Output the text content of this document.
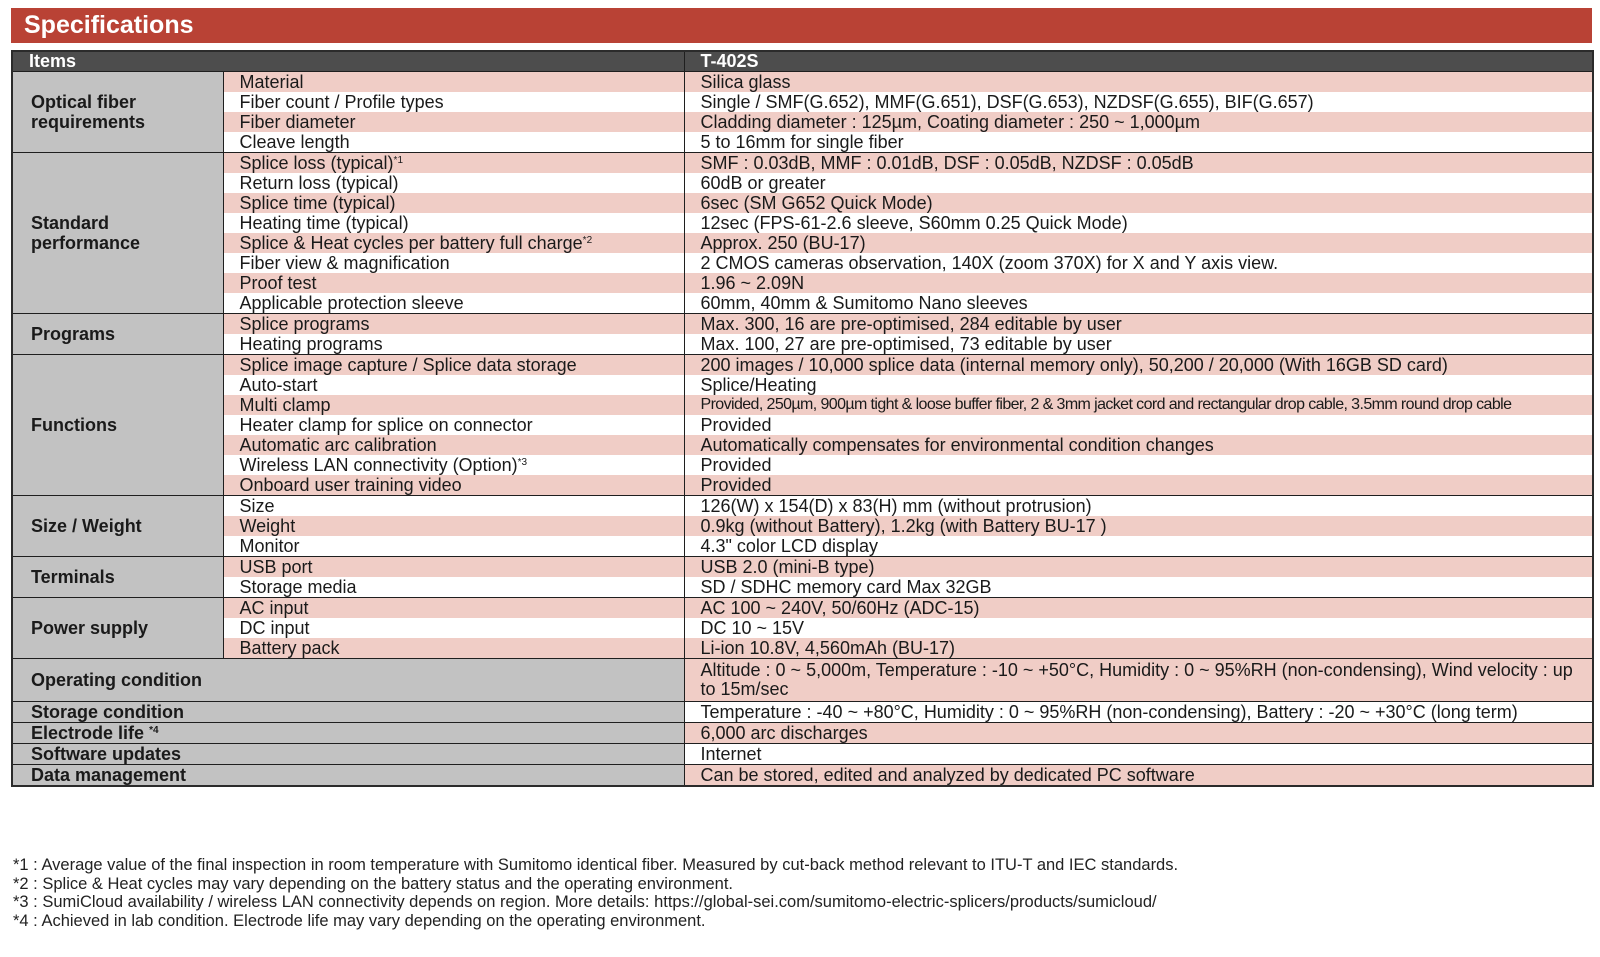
Specifications
Items		T-402S

Optical fiber requirements	Material	Silica glass
	Fiber count / Profile types	Single / SMF(G.652), MMF(G.651), DSF(G.653), NZDSF(G.655), BIF(G.657)
	Fiber diameter	Cladding diameter : 125µm, Coating diameter : 250 ~ 1,000µm
	Cleave length	5 to 16mm for single fiber

Standard performance	Splice loss (typical)$^{*1}$	SMF : 0.03dB, MMF : 0.01dB, DSF : 0.05dB, NZDSF : 0.05dB
	Return loss (typical)	60dB or greater
	Splice time (typical)	6sec (SM G652 Quick Mode)
	Heating time (typical)	12sec (FPS-61-2.6 sleeve, S60mm 0.25 Quick Mode)
	Splice & Heat cycles per battery full charge$^{*2}$	Approx. 250 (BU-17)
	Fiber view & magnification	2 CMOS cameras observation, 140X (zoom 370X) for X and Y axis view.
	Proof test	1.96 ~ 2.09N
	Applicable protection sleeve	60mm, 40mm & Sumitomo Nano sleeves

Programs	Splice programs	Max. 300, 16 are pre-optimised, 284 editable by user
	Heating programs	Max. 100, 27 are pre-optimised, 73 editable by user

Functions	Splice image capture / Splice data storage	200 images / 10,000 splice data (internal memory only), 50,200 / 20,000 (With 16GB SD card)
	Auto-start	Splice/Heating
	Multi clamp	Provided, 250µm, 900µm tight & loose buffer fiber, 2 & 3mm jacket cord and rectangular drop cable, 3.5mm round drop cable
	Heater clamp for splice on connector	Provided
	Automatic arc calibration	Automatically compensates for environmental condition changes
	Wireless LAN connectivity (Option)$^{*3}$	Provided
	Onboard user training video	Provided

Size / Weight	Size	126(W) x 154(D) x 83(H) mm (without protrusion)
	Weight	0.9kg (without Battery), 1.2kg (with Battery BU-17 )
	Monitor	4.3" color LCD display

Terminals	USB port	USB 2.0 (mini-B type)
	Storage media	SD / SDHC memory card Max 32GB

Power supply	AC input	AC 100 ~ 240V, 50/60Hz (ADC-15)
	DC input	DC 10 ~ 15V
	Battery pack	Li-ion 10.8V, 4,560mAh (BU-17)
Operating condition		Altitude : 0 ~ 5,000m, Temperature : -10 ~ +50°C, Humidity : 0 ~ 95%RH (non-condensing), Wind velocity : up to 15m/sec
Storage condition		Temperature : -40 ~ +80°C, Humidity : 0 ~ 95%RH (non-condensing), Battery : -20 ~ +30°C (long term)
Electrode life $^{*4}$		6,000 arc discharges
Software updates		Internet
Data management		Can be stored, edited and analyzed by dedicated PC software
*1 : Average value of the final inspection in room temperature with Sumitomo identical fiber. Measured by cut-back method relevant to ITU-T and IEC standards.
*2 : Splice & Heat cycles may vary depending on the battery status and the operating environment.
*3 : SumiCloud availability / wireless LAN connectivity depends on region. More details: https://global-sei.com/sumitomo-electric-splicers/products/sumicloud/
*4 : Achieved in lab condition. Electrode life may vary depending on the operating environment.
